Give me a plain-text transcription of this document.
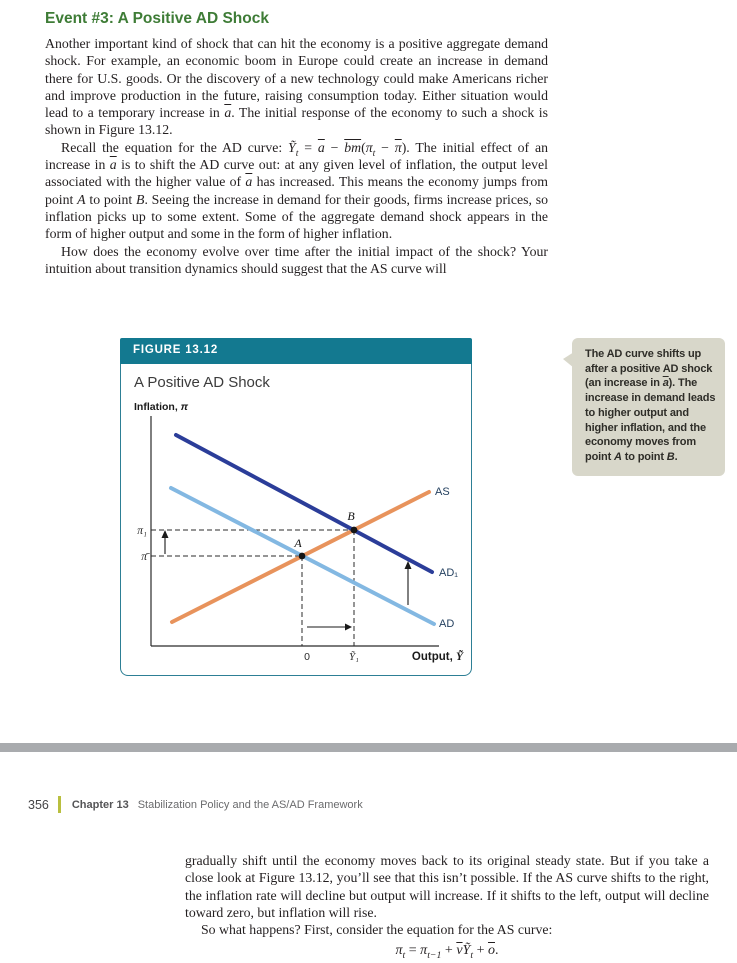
Event #3: A Positive AD Shock

Another important kind of shock that can hit the economy is a positive aggregate demand shock. For example, an economic boom in Europe could create an increase in demand there for U.S. goods. Or the discovery of a new technology could make Americans richer and improve production in the future, raising consumption today. Either situation would lead to a temporary increase in $\overline{a}$. The initial response of the economy to such a shock is shown in Figure 13.12.

Recall the equation for the AD curve: Ỹ$_t$ = $\overline{a} - \overline{bm}(\pi_t - \overline{\pi})$. The initial effect of an increase in $\overline{a}$ is to shift the AD curve out: at any given level of inflation, the output level associated with the higher value of $\overline{a}$ has increased. This means the economy jumps from point A to point B. Seeing the increase in demand for their goods, firms increase prices, so inflation picks up to some extent. Some of the aggregate demand shock appears in the form of higher output and some in the form of higher inflation.

How does the economy evolve over time after the initial impact of the shock? Your intuition about transition dynamics should suggest that the AS curve will

FIGURE 13.12
A Positive AD Shock
Inflation, π
A
B
AS
AD₁
AD
π₁
π̄
0	Ỹ₁	Output, Ỹ
The AD curve shifts up after a positive AD shock (an increase in $\overline{a}$). The increase in demand leads to higher output and higher inflation, and the economy moves from point A to point B.
356 Chapter 13 Stabilization Policy and the AS/AD Framework

gradually shift until the economy moves back to its original steady state. But if you take a close look at Figure 13.12, you’ll see that this isn’t possible. If the AS curve shifts to the right, the inflation rate will decline but output will increase. If it shifts to the left, output will decline toward zero, but inflation will rise.

So what happens? First, consider the equation for the AS curve:

$\pi_t = \pi_{t-1}$ + $\overline{v}Ỹ_t + \overline{o}$.
